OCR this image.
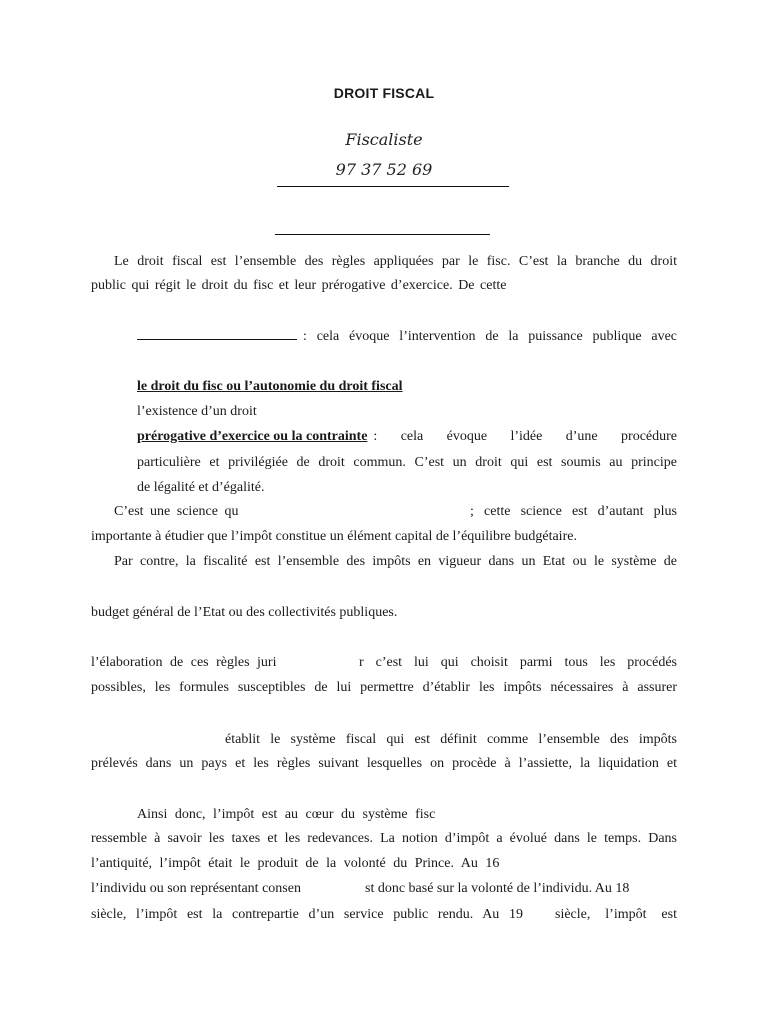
DROIT FISCAL
Fiscaliste
97 37 52 69
Le droit fiscal est l’ensemble des règles appliquées par le fisc. C’est la branche du droit
public qui régit le droit du fisc et leur prérogative d’exercice. De cette
: cela évoque l’intervention de la puissance publique avec
le droit du fisc ou l’autonomie du droit fiscal
l’existence d’un droit
prérogative d’exercice ou la contrainte : cela évoque l’idée d’une procédure
particulière et privilégiée de droit commun. C’est un droit qui est soumis au principe
de légalité et d’égalité.
C’est une science qu	; cette science est d’autant plus
importante à étudier que l’impôt constitue un élément capital de l’équilibre budgétaire.
Par contre, la fiscalité est l’ensemble des impôts en vigueur dans un Etat ou le système de
budget général de l’Etat ou des collectivités publiques.
l’élaboration de ces règles juri	r c’est lui qui choisit parmi tous les procédés
possibles, les formules susceptibles de lui permettre d’établir les impôts nécessaires à assurer
établit le système fiscal qui est définit comme l’ensemble des impôts
prélevés dans un pays et les règles suivant lesquelles on procède à l’assiette, la liquidation et
Ainsi donc, l’impôt est au cœur du système fisc
ressemble à savoir les taxes et les redevances. La notion d’impôt a évolué dans le temps. Dans
l’antiquité, l’impôt était le produit de la volonté du Prince. Au 16
l’individu ou son représentant consen	st donc basé sur la volonté de l’individu. Au 18
siècle, l’impôt est la contrepartie d’un service public rendu. Au 19 siècle, l’impôt est
